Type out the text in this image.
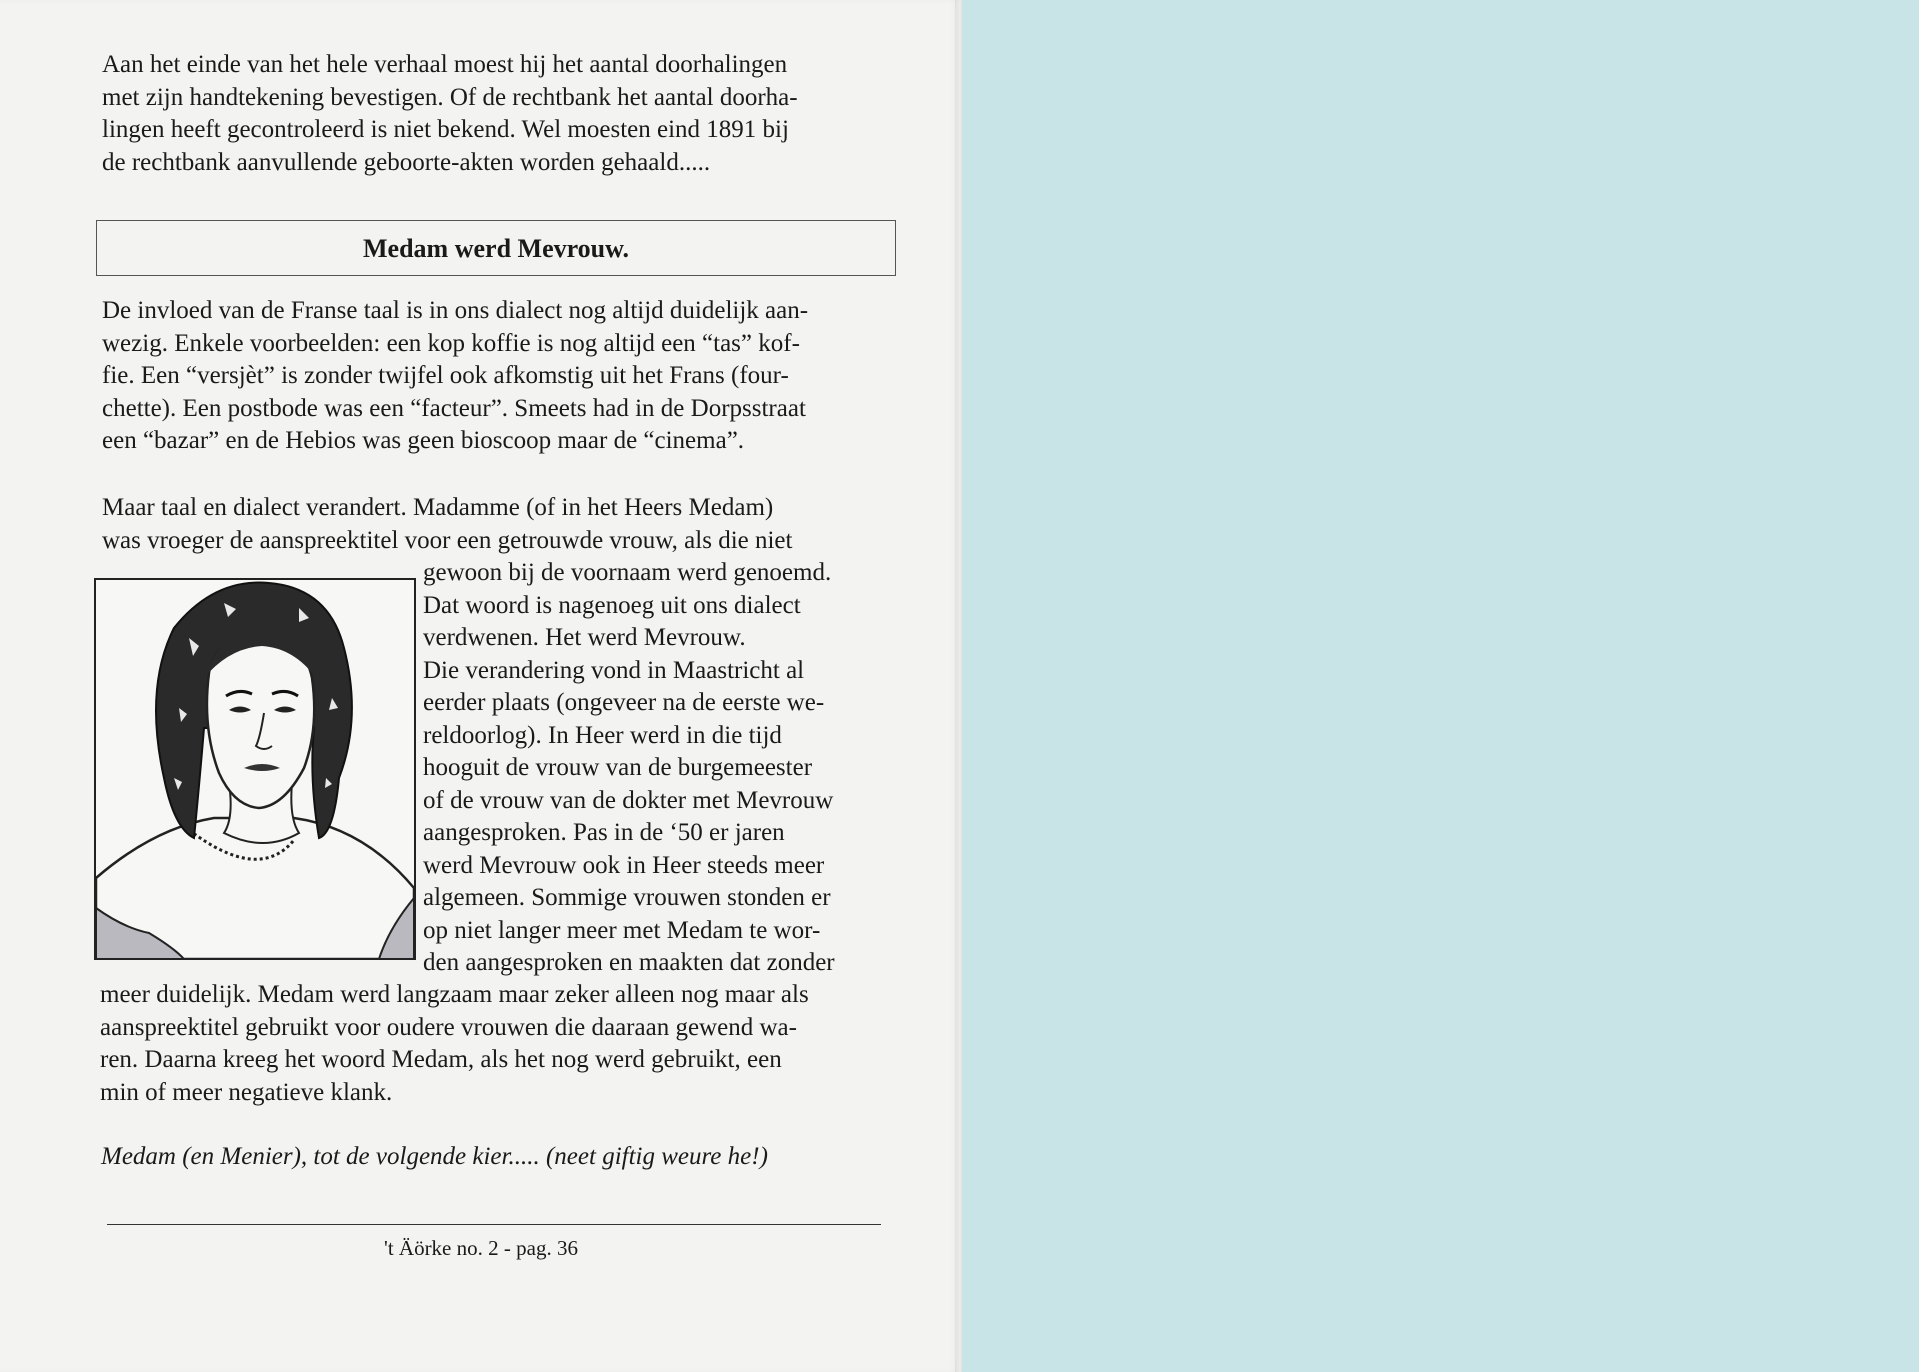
Aan het einde van het hele verhaal moest hij het aantal doorhalingen
met zijn handtekening bevestigen. Of de rechtbank het aantal doorha-
lingen heeft gecontroleerd is niet bekend. Wel moesten eind 1891 bij
de rechtbank aanvullende geboorte-akten worden gehaald.....
Medam werd Mevrouw.
De invloed van de Franse taal is in ons dialect nog altijd duidelijk aan-
wezig. Enkele voorbeelden: een kop koffie is nog altijd een “tas” kof-
fie. Een “versjèt” is zonder twijfel ook afkomstig uit het Frans (four-
chette). Een postbode was een “facteur”. Smeets had in de Dorpsstraat
een “bazar” en de Hebios was geen bioscoop maar de “cinema”.
Maar taal en dialect verandert. Madamme (of in het Heers Medam)
was vroeger de aanspreektitel voor een getrouwde vrouw, als die niet
gewoon bij de voornaam werd genoemd.
Dat woord is nagenoeg uit ons dialect
verdwenen. Het werd Mevrouw.
Die verandering vond in Maastricht al
eerder plaats (ongeveer na de eerste we-
reldoorlog). In Heer werd in die tijd
hooguit de vrouw van de burgemeester
of de vrouw van de dokter met Mevrouw
aangesproken. Pas in de ‘50 er jaren
werd Mevrouw ook in Heer steeds meer
algemeen. Sommige vrouwen stonden er
op niet langer meer met Medam te wor-
den aangesproken en maakten dat zonder
meer duidelijk. Medam werd langzaam maar zeker alleen nog maar als
aanspreektitel gebruikt voor oudere vrouwen die daaraan gewend wa-
ren. Daarna kreeg het woord Medam, als het nog werd gebruikt, een
min of meer negatieve klank.

Medam (en Menier), tot de volgende kier..... (neet giftig weure he!)

't Äörke no. 2 - pag. 36
